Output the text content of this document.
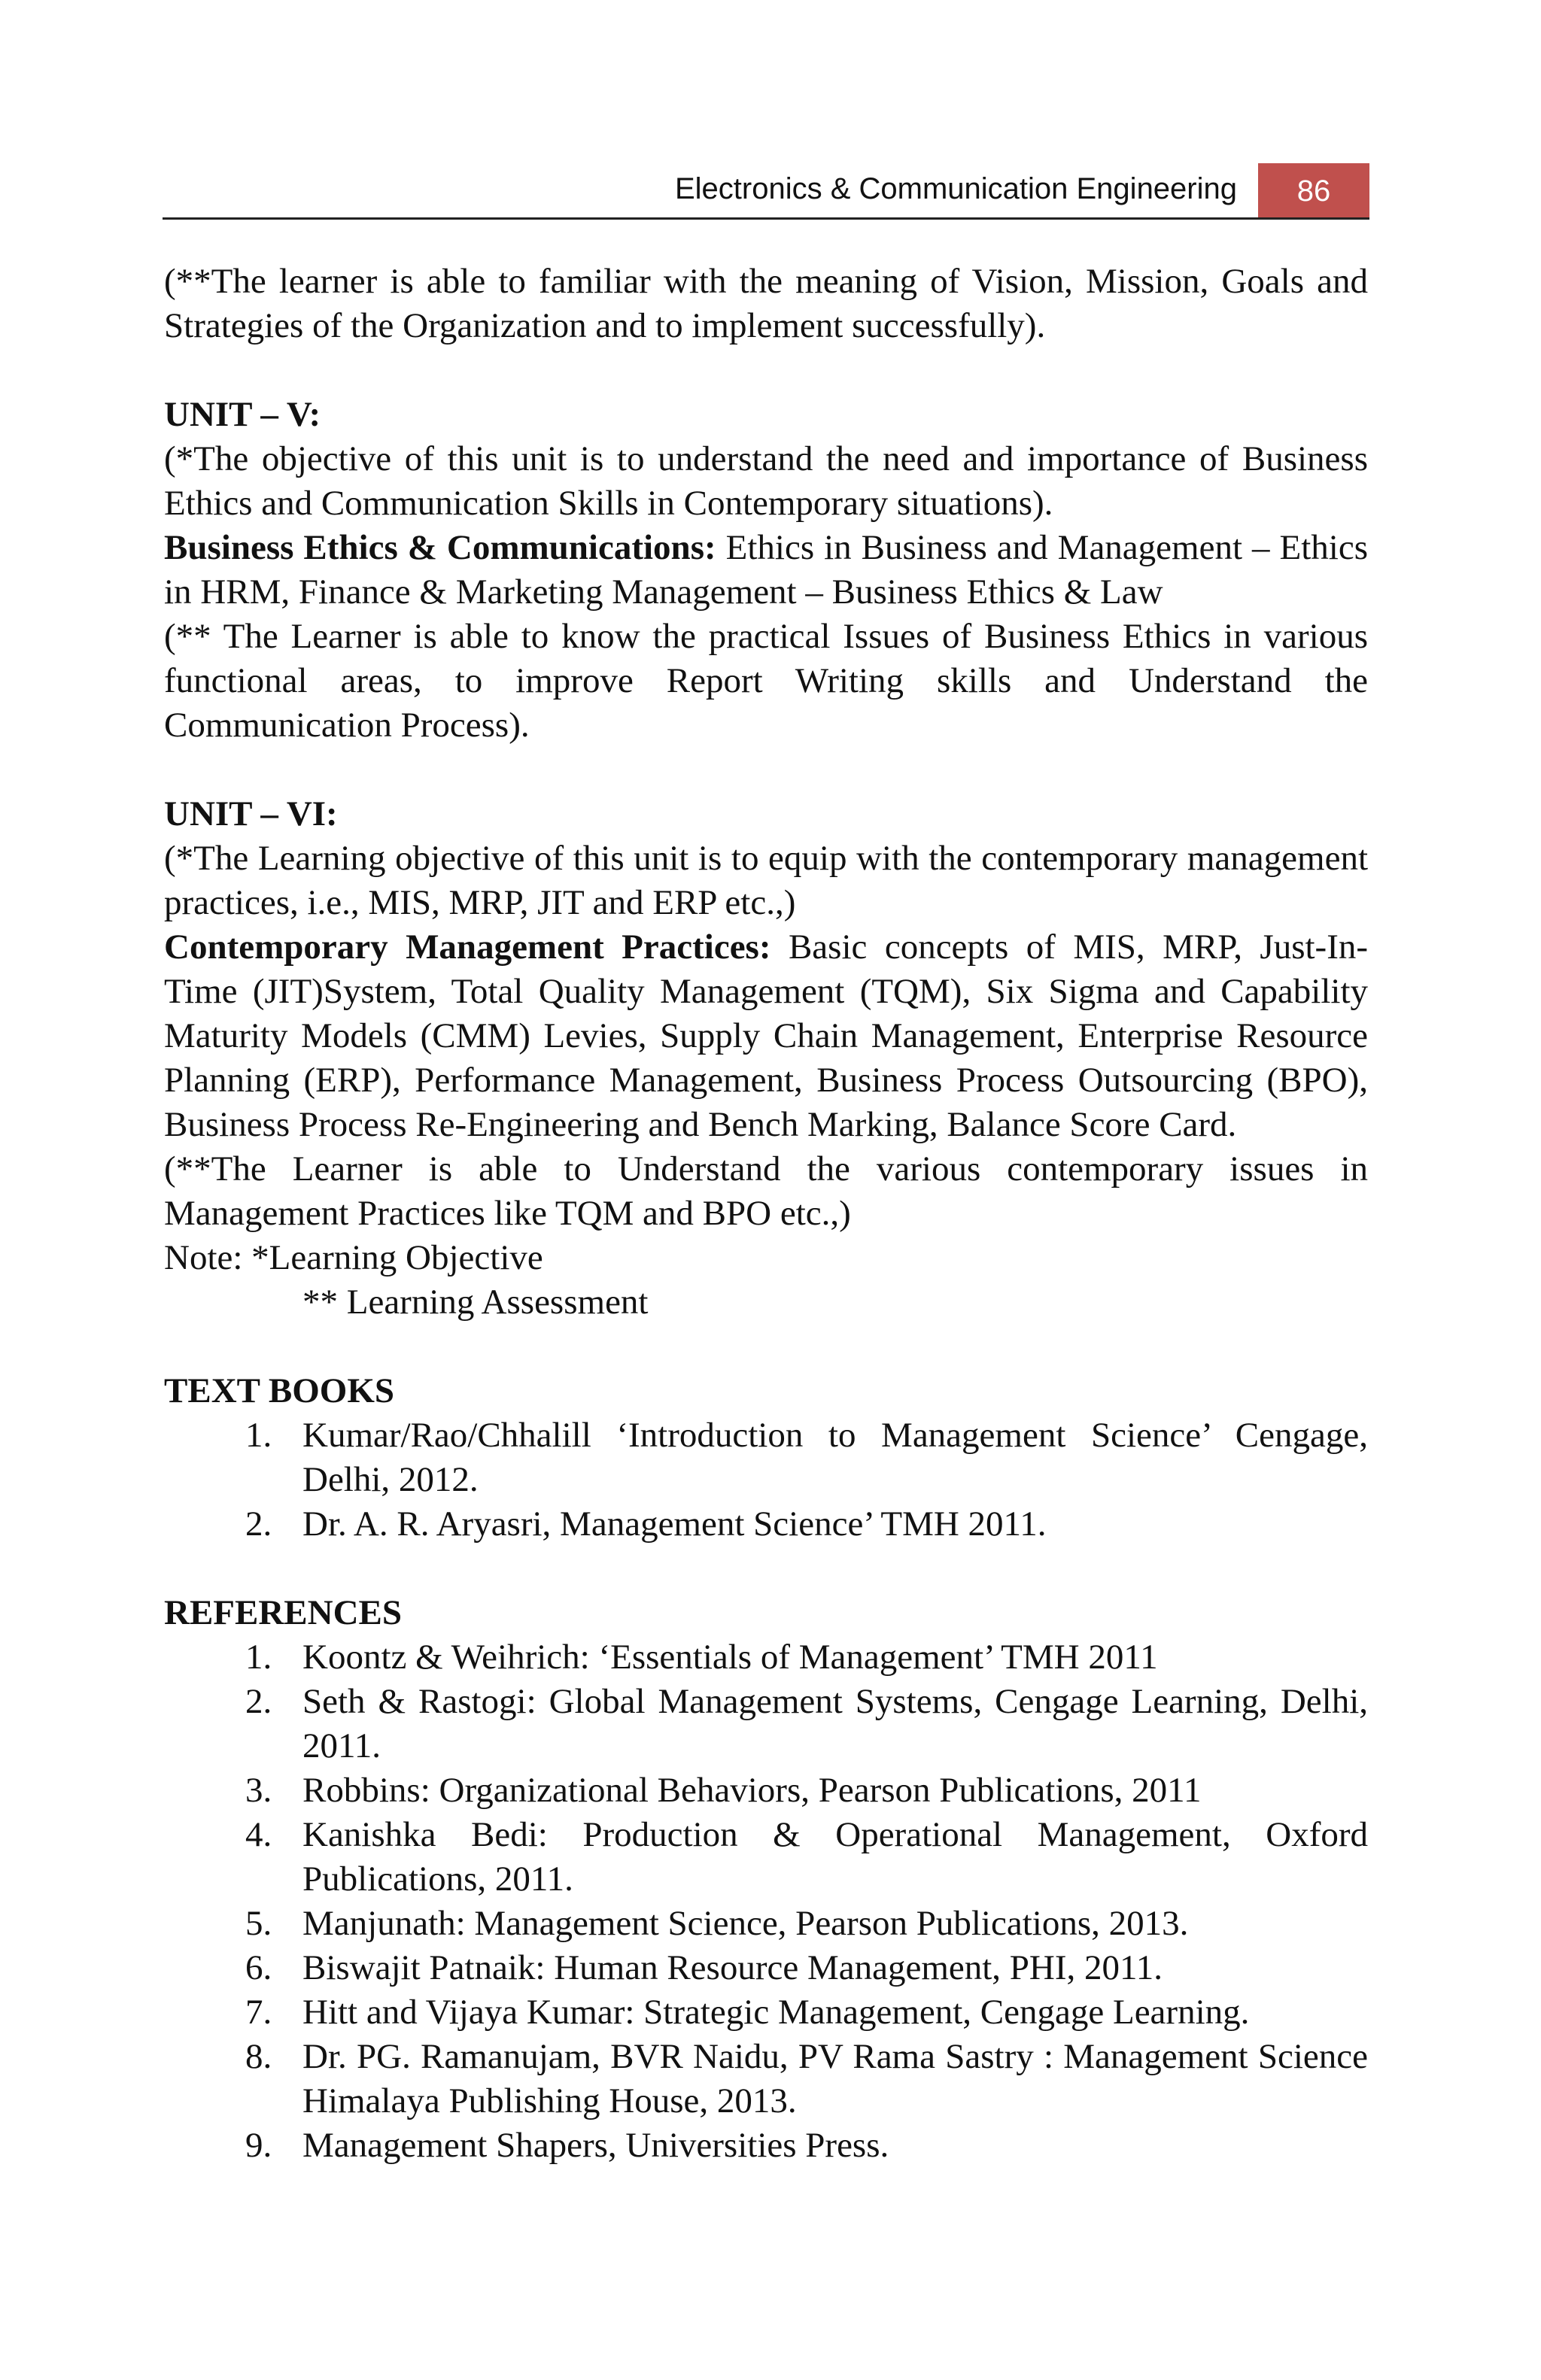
Electronics & Communication Engineering	86

(**The learner is able to familiar with the meaning of Vision, Mission, Goals and Strategies of the Organization and to implement successfully).

UNIT – V:

(*The objective of this unit is to understand the need and importance of Business Ethics and Communication Skills in Contemporary situations).

Business Ethics & Communications: Ethics in Business and Management – Ethics in HRM, Finance & Marketing Management – Business Ethics & Law

(** The Learner is able to know the practical Issues of Business Ethics in various functional areas, to improve Report Writing skills and Understand the Communication Process).

UNIT – VI:

(*The Learning objective of this unit is to equip with the contemporary management practices, i.e., MIS, MRP, JIT and ERP etc.,)

Contemporary Management Practices: Basic concepts of MIS, MRP, Just-In-Time (JIT)System, Total Quality Management (TQM), Six Sigma and Capability Maturity Models (CMM) Levies, Supply Chain Management, Enterprise Resource Planning (ERP), Performance Management, Business Process Outsourcing (BPO), Business Process Re-Engineering and Bench Marking, Balance Score Card.

(**The Learner is able to Understand the various contemporary issues in Management Practices like TQM and BPO etc.,)

Note: *Learning Objective

** Learning Assessment

TEXT BOOKS

1. Kumar/Rao/Chhalill ‘Introduction to Management Science’ Cengage, Delhi, 2012.
2. Dr. A. R. Aryasri, Management Science’ TMH 2011.

REFERENCES

1. Koontz & Weihrich: ‘Essentials of Management’ TMH 2011
2. Seth & Rastogi: Global Management Systems, Cengage Learning, Delhi, 2011.
3. Robbins: Organizational Behaviors, Pearson Publications, 2011
4. Kanishka Bedi: Production & Operational Management, Oxford Publications, 2011.
5. Manjunath: Management Science, Pearson Publications, 2013.
6. Biswajit Patnaik: Human Resource Management, PHI, 2011.
7. Hitt and Vijaya Kumar: Strategic Management, Cengage Learning.
8. Dr. PG. Ramanujam, BVR Naidu, PV Rama Sastry : Management Science Himalaya Publishing House, 2013.
9. Management Shapers, Universities Press.
